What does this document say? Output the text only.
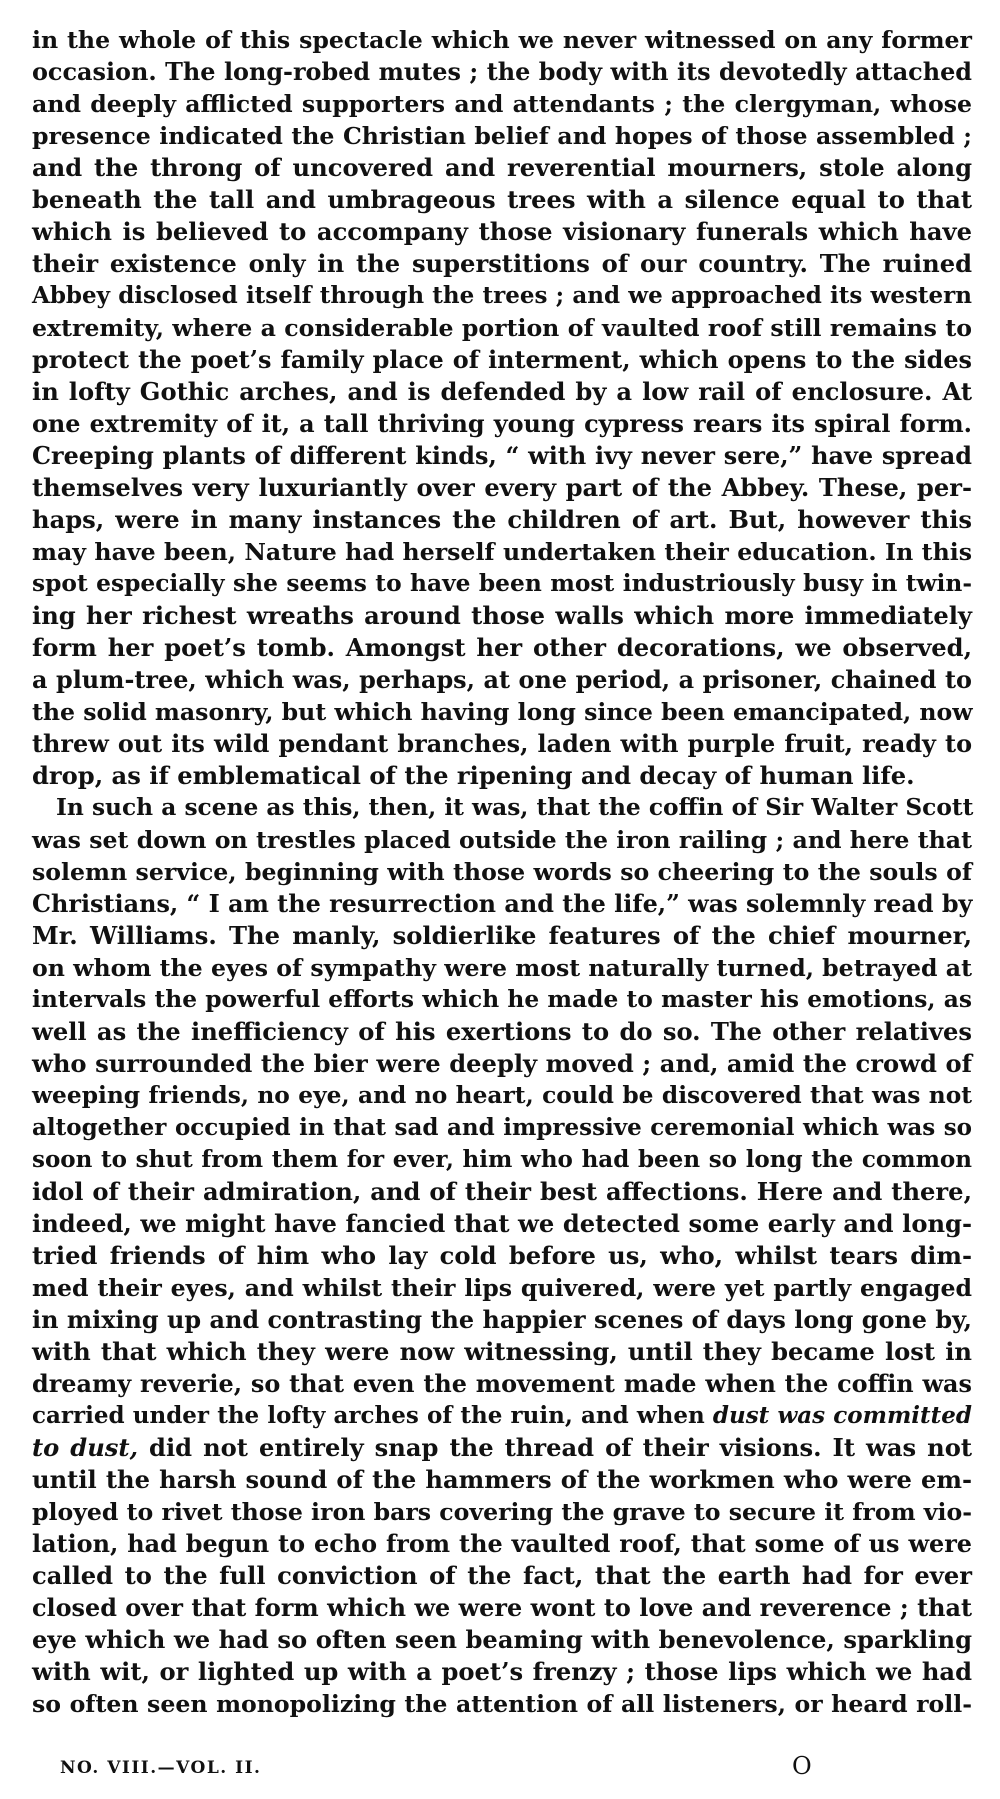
in the whole of this spectacle which we never witnessed on any former
occasion. The long-robed mutes ; the body with its devotedly attached
and deeply afflicted supporters and attendants ; the clergyman, whose
presence indicated the Christian belief and hopes of those assembled ;
and the throng of uncovered and reverential mourners, stole along
beneath the tall and umbrageous trees with a silence equal to that
which is believed to accompany those visionary funerals which have
their existence only in the superstitions of our country. The ruined
Abbey disclosed itself through the trees ; and we approached its western
extremity, where a considerable portion of vaulted roof still remains to
protect the poet’s family place of interment, which opens to the sides
in lofty Gothic arches, and is defended by a low rail of enclosure. At
one extremity of it, a tall thriving young cypress rears its spiral form.
Creeping plants of different kinds, “ with ivy never sere,” have spread
themselves very luxuriantly over every part of the Abbey. These, per-
haps, were in many instances the children of art. But, however this
may have been, Nature had herself undertaken their education. In this
spot especially she seems to have been most industriously busy in twin-
ing her richest wreaths around those walls which more immediately
form her poet’s tomb. Amongst her other decorations, we observed,
a plum-tree, which was, perhaps, at one period, a prisoner, chained to
the solid masonry, but which having long since been emancipated, now
threw out its wild pendant branches, laden with purple fruit, ready to
drop, as if emblematical of the ripening and decay of human life.
In such a scene as this, then, it was, that the coffin of Sir Walter Scott
was set down on trestles placed outside the iron railing ; and here that
solemn service, beginning with those words so cheering to the souls of
Christians, “ I am the resurrection and the life,” was solemnly read by
Mr. Williams. The manly, soldierlike features of the chief mourner,
on whom the eyes of sympathy were most naturally turned, betrayed at
intervals the powerful efforts which he made to master his emotions, as
well as the inefficiency of his exertions to do so. The other relatives
who surrounded the bier were deeply moved ; and, amid the crowd of
weeping friends, no eye, and no heart, could be discovered that was not
altogether occupied in that sad and impressive ceremonial which was so
soon to shut from them for ever, him who had been so long the common
idol of their admiration, and of their best affections. Here and there,
indeed, we might have fancied that we detected some early and long-
tried friends of him who lay cold before us, who, whilst tears dim-
med their eyes, and whilst their lips quivered, were yet partly engaged
in mixing up and contrasting the happier scenes of days long gone by,
with that which they were now witnessing, until they became lost in
dreamy reverie, so that even the movement made when the coffin was
carried under the lofty arches of the ruin, and when dust was committed
to dust, did not entirely snap the thread of their visions. It was not
until the harsh sound of the hammers of the workmen who were em-
ployed to rivet those iron bars covering the grave to secure it from vio-
lation, had begun to echo from the vaulted roof, that some of us were
called to the full conviction of the fact, that the earth had for ever
closed over that form which we were wont to love and reverence ; that
eye which we had so often seen beaming with benevolence, sparkling
with wit, or lighted up with a poet’s frenzy ; those lips which we had
so often seen monopolizing the attention of all listeners, or heard roll-
NO. VIII.—VOL. II.	O
